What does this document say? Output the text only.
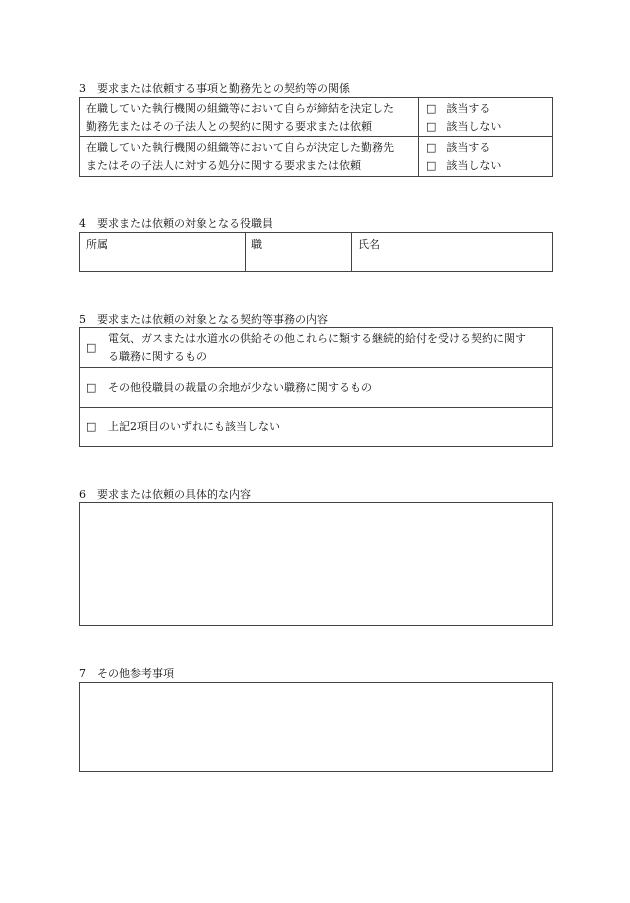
3　要求または依頼する事項と勤務先との契約等の関係
在職していた執行機関の組織等において自らが締結を決定した
勤務先またはその子法人との契約に関する要求または依頼
□ 該当する
□ 該当しない
在職していた執行機関の組織等において自らが決定した勤務先
またはその子法人に対する処分に関する要求または依頼
□ 該当する
□ 該当しない
4　要求または依頼の対象となる役職員
所属	職	氏名
5　要求または依頼の対象となる契約等事務の内容
□
電気、ガスまたは水道水の供給その他これらに類する継続的給付を受ける契約に関す
る職務に関するもの
□ その他役職員の裁量の余地が少ない職務に関するもの
□ 上記2項目のいずれにも該当しない
6　要求または依頼の具体的な内容
7　その他参考事項
